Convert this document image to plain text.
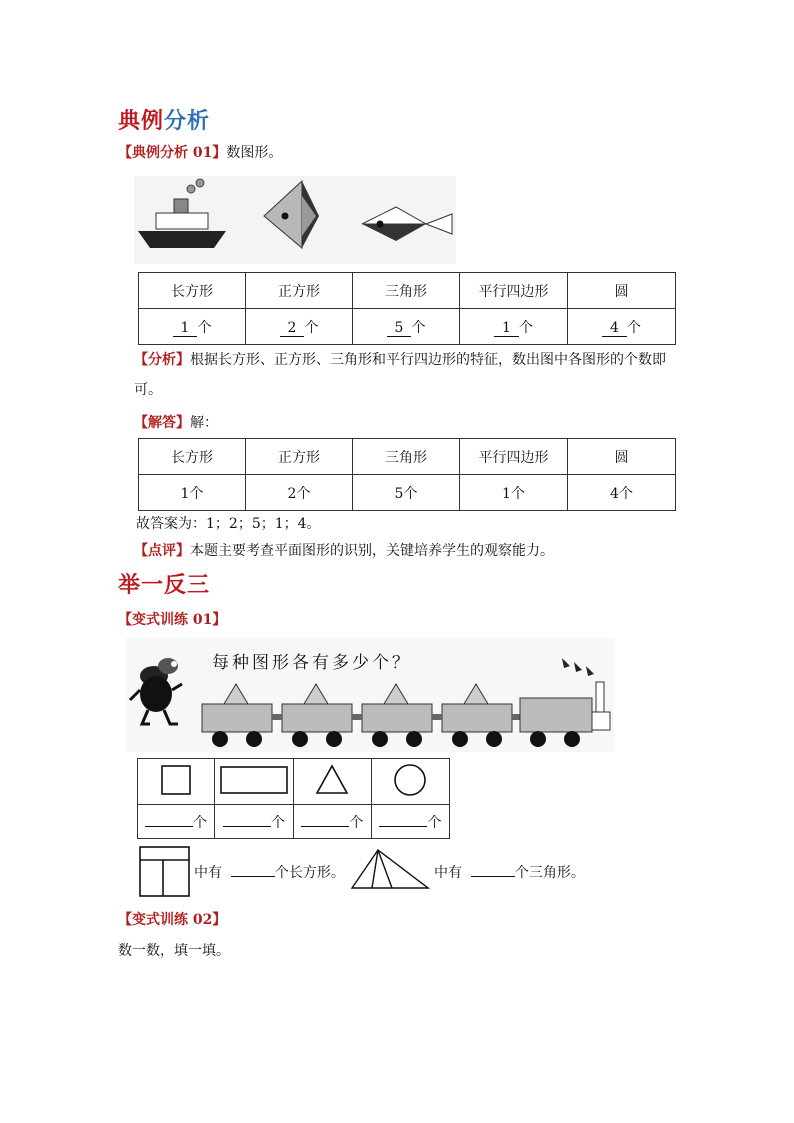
典例分析
【典例分析 01】数图形。
长方形	正方形	三角形	平行四边形	圆
1 个	2 个	5 个	1 个	4 个
【分析】根据长方形、正方形、三角形和平行四边形的特征，数出图中各图形的个数即
可。
【解答】解：
长方形	正方形	三角形	平行四边形	圆
1个	2个	5个	1个	4个
故答案为：1；2；5；1；4。
【点评】本题主要考查平面图形的识别，关键培养学生的观察能力。
举一反三
【变式训练 01】
每种图形各有多少个？

个	个	个	个
中有	个长方形。	中有	个三角形。
【变式训练 02】
数一数，填一填。
